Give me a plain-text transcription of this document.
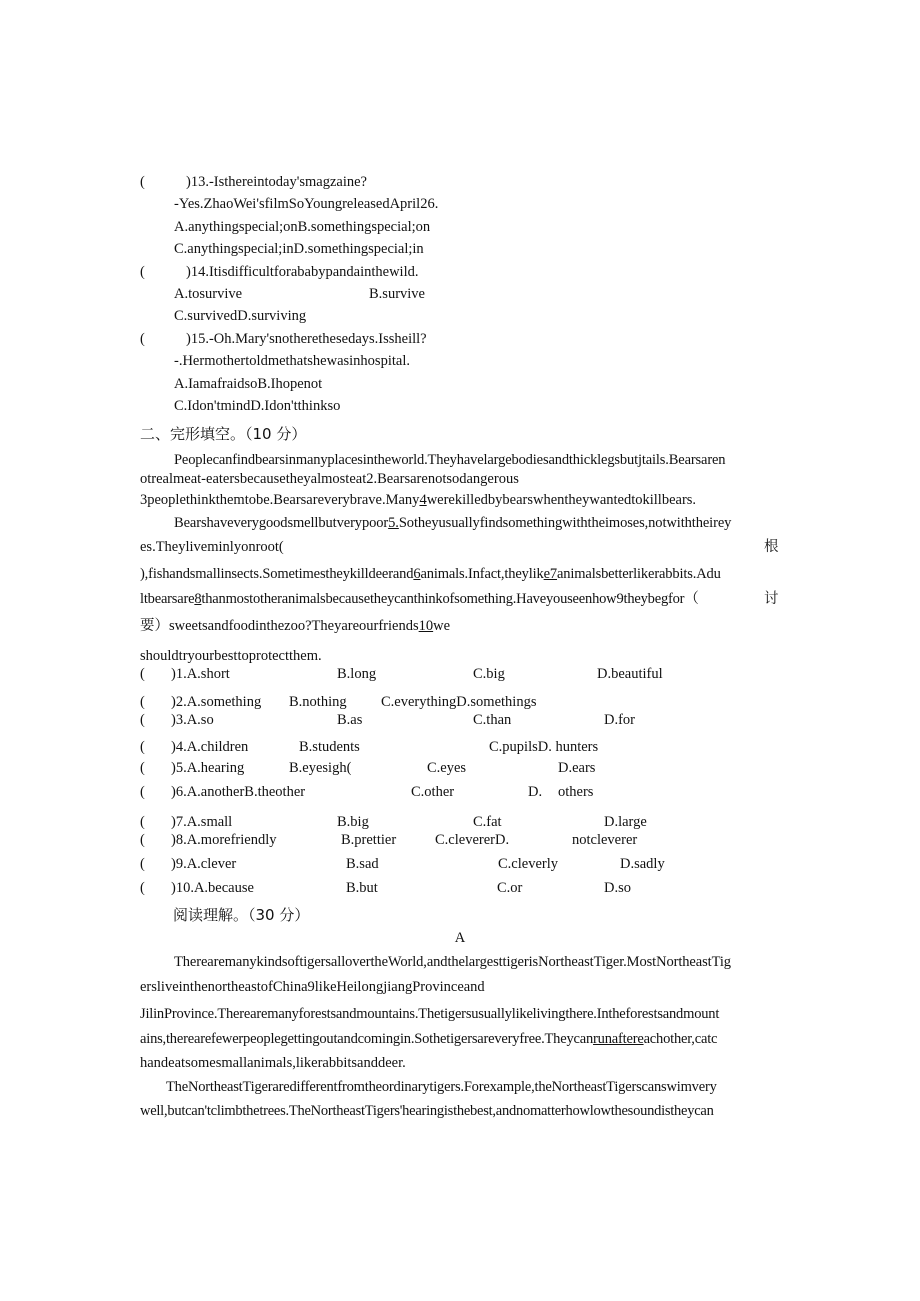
(	)13.-Isthereintoday'smagzaine?
-Yes.ZhaoWei'sfilmSoYoungreleasedApril26.
A.anythingspecial;onB.somethingspecial;on
C.anythingspecial;inD.somethingspecial;in
(	)14.Itisdifficultforababypandainthewild.
A.tosurvive	B.survive
C.survivedD.surviving
(	)15.-Oh.Mary'snotherethesedays.Issheill?
-.Hermothertoldmethatshewasinhospital.
A.IamafraidsoB.Ihopenot
C.Idon'tmindD.Idon'tthinkso
二、完形填空。（10 分）
Peoplecanfindbearsinmanyplacesintheworld.Theyhavelargebodiesandthicklegsbutjtails.Bearsaren
otrealmeat-eatersbecausetheyalmosteat2.Bearsarenotsodangerous
3peoplethinkthemtobe.Bearsareverybrave.Many4werekilledbybearswhentheywantedtokillbears.
Bearshaveverygoodsmellbutverypoor5.Sotheyusuallyfindsomethingwiththeimoses,notwiththeirey
es.Theyliveminlyonroot(	根
),fishandsmallinsects.Sometimestheykilldeerand6animals.Infact,theylike7animalsbetterlikerabbits.Adu
ltbearsare8thanmostotheranimalsbecausetheycanthinkofsomething.Haveyouseenhow9theybegfor（	讨
要）sweetsandfoodinthezoo?Theyareourfriends10we
shouldtryourbesttoprotectthem.
( )1.A.short	B.long	C.big	D.beautiful
( )2.A.something B.nothing C.everythingD.somethings
( )3.A.so	B.as	C.than	D.for
( )4.A.children	B.students	C.pupilsD. hunters
( )5.A.hearing	B.eyesigh(	C.eyes	D.ears
( )6.A.anotherB.theother	C.other	D. others
( )7.A.small	B.big	C.fat	D.large
( )8.A.morefriendly	B.prettier	C.clevererD.	notcleverer
( )9.A.clever	B.sad	C.cleverly	D.sadly
( )10.A.because	B.but	C.or	D.so
阅读理解。（30 分）
A
TherearemanykindsoftigersallovertheWorld,andthelargesttigerisNortheastTiger.MostNortheastTig
ersliveinthenortheastofChina9likeHeilongjiangProvinceand
JilinProvince.Therearemanyforestsandmountains.Thetigersusuallylikelivingthere.Intheforestsandmount
ains,therearefewerpeoplegettingoutandcomingin.Sothetigersareveryfree.Theycanrunaftereachother,catc
handeatsomesmallanimals,likerabbitsanddeer.
TheNortheastTigeraredifferentfromtheordinarytigers.Forexample,theNortheastTigerscanswimvery
well,butcan'tclimbthetrees.TheNortheastTigers'hearingisthebest,andnomatterhowlowthesoundistheycan
